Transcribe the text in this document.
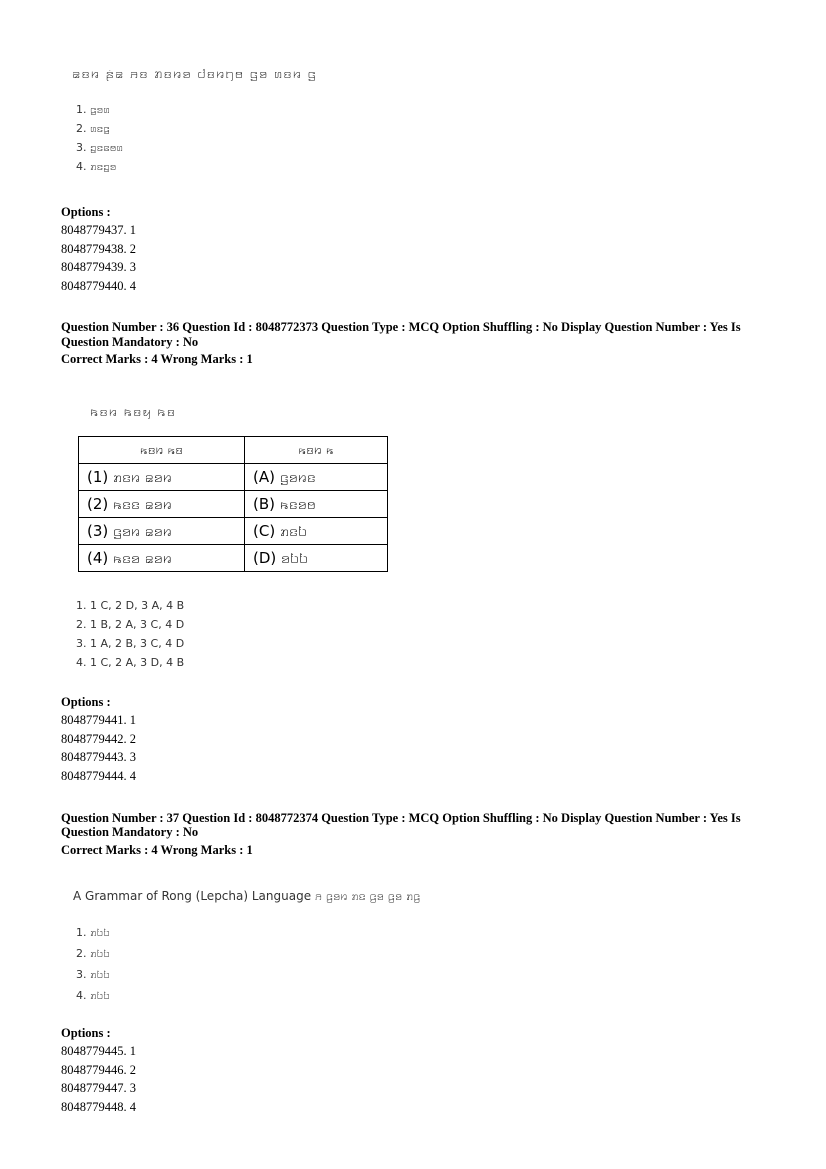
꤁ꤢꤙ ꤔꤦꤘ ꤏꤢ ꤊꤢꤙꤤ ꤓꤢꤙꤚꤥ ꤞꤤ ꤛꤢꤙ ꤞ
1. ꤞꤤꤛ
2. ꤛꤢꤞ
3. ꤑꤢꤕꤥꤛ
4. ꤊꤢꤑꤤ
Options :
8048779437. 1
8048779438. 2
8048779439. 3
8048779440. 4
Question Number : 36 Question Id : 8048772373 Question Type : MCQ Option Shuffling : No Display Question Number : Yes Is
Question Mandatory : No
Correct Marks : 4 Wrong Marks : 1
ꤒꤢꤙ ꤒꤢꤟ ꤒꤢ
ꤒꤢꤙ ꤒꤢ	ꤒꤢꤙ ꤒ
(1) ꤊꤢꤙ ꤘꤤꤙ	(A) ꤞꤤꤙꤢ
(2) ꤒꤢꤢ ꤘꤤꤙ	(B) ꤒꤢꤤꤥ
(3) ꤞꤤꤙ ꤘꤤꤙ	(C) ꤊꤢꤝ
(4) ꤒꤢꤤ ꤘꤤꤙ	(D) ꤤꤝꤝ
1. 1 C, 2 D, 3 A, 4 B
2. 1 B, 2 A, 3 C, 4 D
3. 1 A, 2 B, 3 C, 4 D
4. 1 C, 2 A, 3 D, 4 B
Options :
8048779441. 1
8048779442. 2
8048779443. 3
8048779444. 4
Question Number : 37 Question Id : 8048772374 Question Type : MCQ Option Shuffling : No Display Question Number : Yes Is
Question Mandatory : No
Correct Marks : 4 Wrong Marks : 1
A Grammar of Rong (Lepcha) Language ꤏ ꤞꤤꤙ ꤊꤢ ꤞꤤ ꤞꤤ ꤊꤞ
1. ꤊꤝꤝ
2. ꤊꤝꤝ
3. ꤊꤝꤝ
4. ꤊꤝꤝ
Options :
8048779445. 1
8048779446. 2
8048779447. 3
8048779448. 4
